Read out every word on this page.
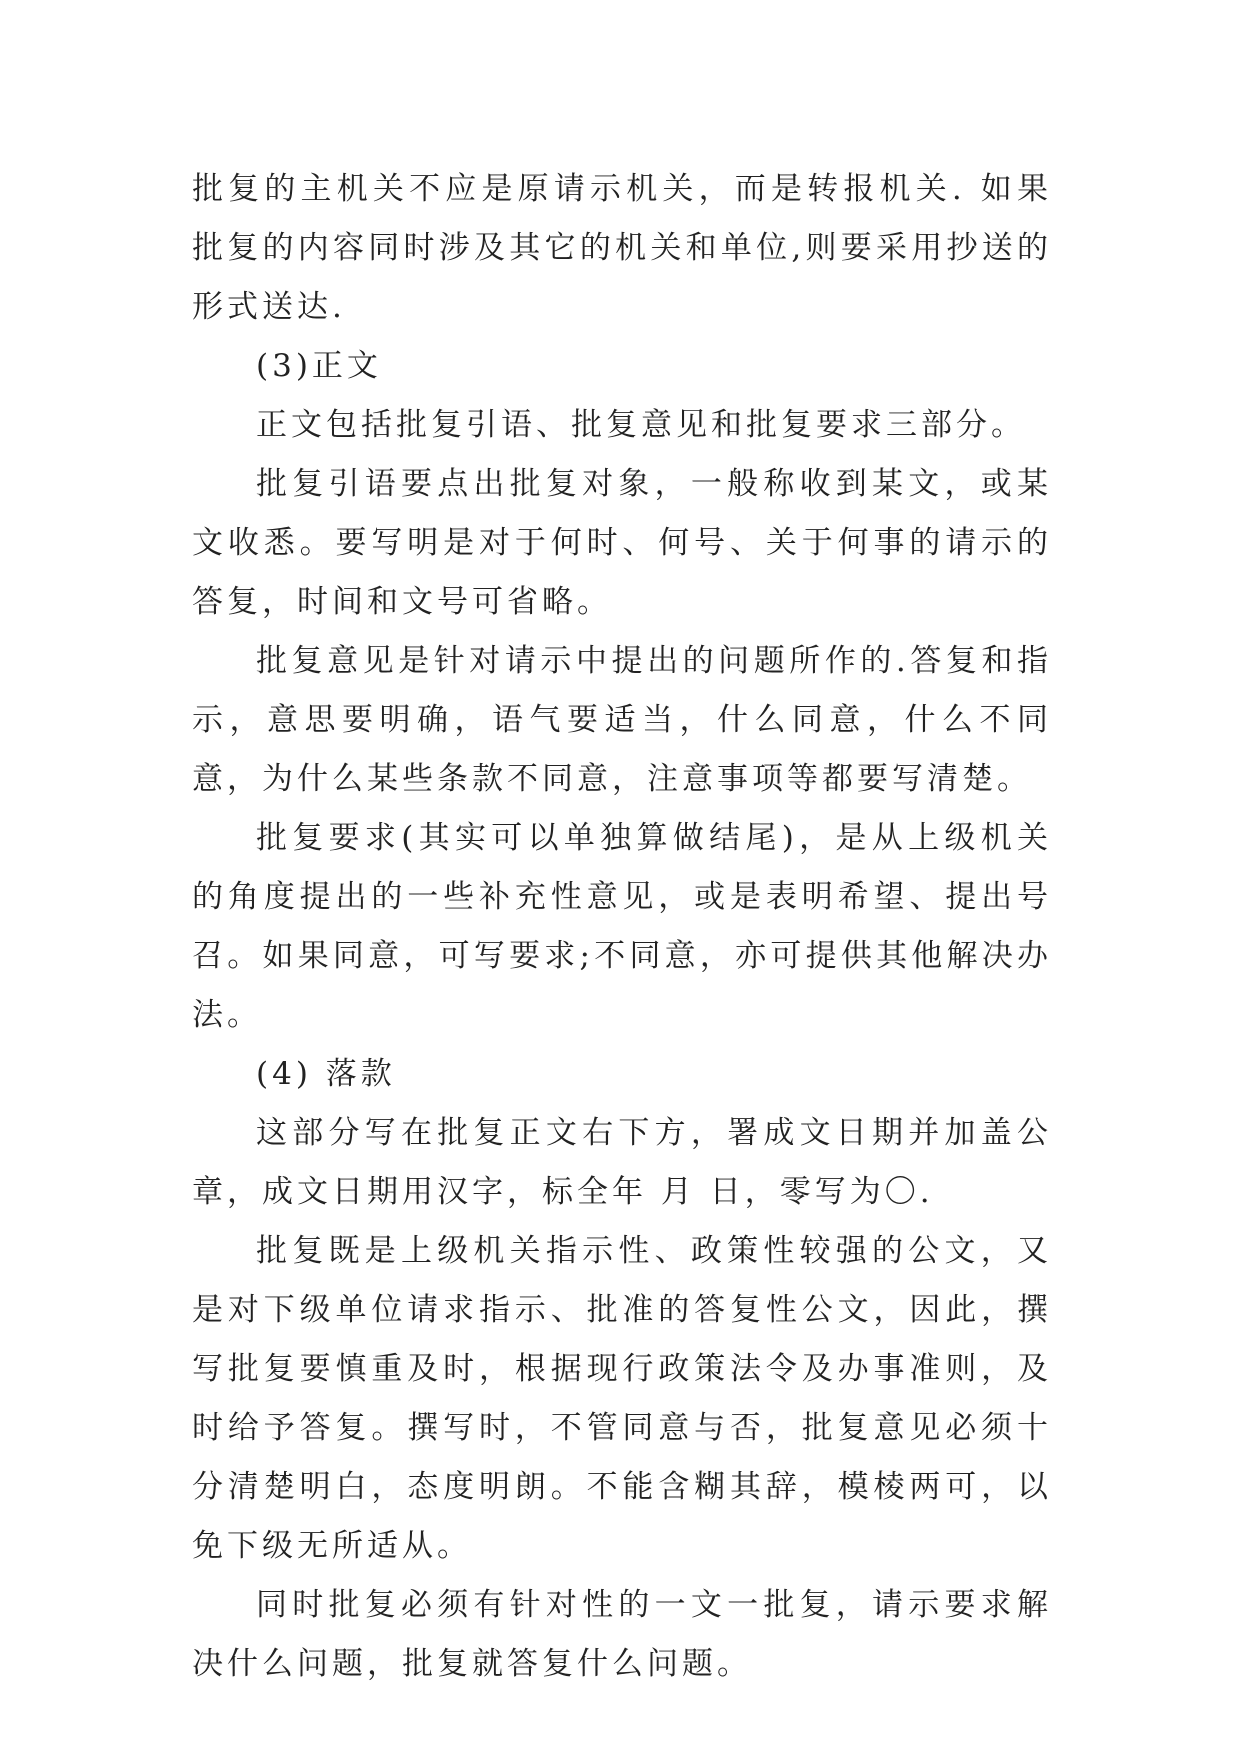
批复的主机关不应是原请示机关，而是转报机关. 如果批复的内容同时涉及其它的机关和单位,则要采用抄送的形式送达.

(3)正文

正文包括批复引语、批复意见和批复要求三部分。

批复引语要点出批复对象，一般称收到某文，或某文收悉。要写明是对于何时、何号、关于何事的请示的答复，时间和文号可省略。

批复意见是针对请示中提出的问题所作的.答复和指示，意思要明确，语气要适当，什么同意，什么不同意，为什么某些条款不同意，注意事项等都要写清楚。

批复要求(其实可以单独算做结尾)，是从上级机关的角度提出的一些补充性意见，或是表明希望、提出号召。如果同意，可写要求;不同意，亦可提供其他解决办法。

(4) 落款

这部分写在批复正文右下方，署成文日期并加盖公章，成文日期用汉字，标全年 月 日，零写为〇.

批复既是上级机关指示性、政策性较强的公文，又是对下级单位请求指示、批准的答复性公文，因此，撰写批复要慎重及时，根据现行政策法令及办事准则，及时给予答复。撰写时，不管同意与否，批复意见必须十分清楚明白，态度明朗。不能含糊其辞，模棱两可，以免下级无所适从。

同时批复必须有针对性的一文一批复，请示要求解决什么问题，批复就答复什么问题。
